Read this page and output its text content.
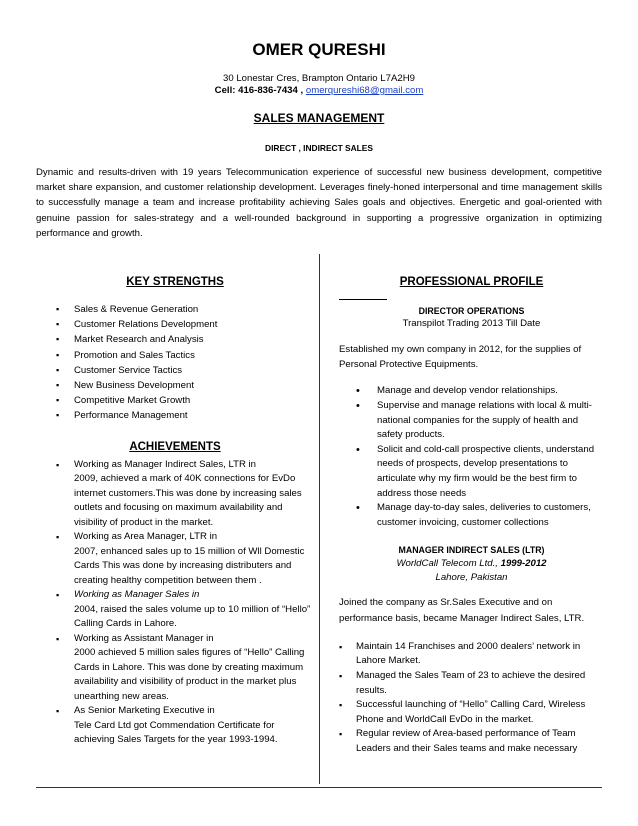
OMER QURESHI
30 Lonestar Cres, Brampton Ontario L7A2H9
Cell: 416-836-7434 , omerqureshi68@gmail.com
SALES MANAGEMENT
DIRECT , INDIRECT SALES
Dynamic and results-driven with 19 years Telecommunication experience of successful new business development, competitive market share expansion, and customer relationship development. Leverages finely-honed interpersonal and time management skills to successfully manage a team and increase profitability achieving Sales goals and objectives. Energetic and goal-oriented with genuine passion for sales-strategy and a well-rounded background in supporting a progressive organization in optimizing performance and growth.
KEY STRENGTHS
▪ Sales & Revenue Generation
▪ Customer Relations Development
▪ Market Research and Analysis
▪ Promotion and Sales Tactics
▪ Customer Service Tactics
▪ New Business Development
▪ Competitive Market Growth
▪ Performance Management
ACHIEVEMENTS
▪ Working as Manager Indirect Sales, LTR in
2009, achieved a mark of 40K connections for EvDo internet customers.This was done by increasing sales outlets and focusing on maximum availability and visibility of product in the market.
▪ Working as Area Manager, LTR in
2007, enhanced sales up to 15 million of Wll Domestic Cards This was done by increasing distributers and creating healthy competition between them .
▪ Working as Manager Sales in
2004, raised the sales volume up to 10 million of “Hello” Calling Cards in Lahore.
▪ Working as Assistant Manager in
2000 achieved 5 million sales figures of “Hello” Calling Cards in Lahore. This was done by creating maximum availability and visibility of product in the market plus unearthing new areas.
▪ As Senior Marketing Executive in
Tele Card Ltd got Commendation Certificate for achieving Sales Targets for the year 1993-1994.
PROFESSIONAL PROFILE
DIRECTOR OPERATIONS
Transpilot Trading 2013 Till Date
Established my own company in 2012, for the supplies of Personal Protective Equipments.
• Manage and develop vendor relationships.
• Supervise and manage relations with local & multi-national companies for the supply of health and safety products.
• Solicit and cold-call prospective clients, understand needs of prospects, develop presentations to articulate why my firm would be the best firm to address those needs
• Manage day-to-day sales, deliveries to customers, customer invoicing, customer collections
MANAGER INDIRECT SALES (LTR)
WorldCall Telecom Ltd., 1999-2012
Lahore, Pakistan
Joined the company as Sr.Sales Executive and on performance basis, became Manager Indirect Sales, LTR.
▪ Maintain 14 Franchises and 2000 dealers’ network in Lahore Market.
▪ Managed the Sales Team of 23 to achieve the desired results.
▪ Successful launching of “Hello” Calling Card, Wireless Phone and WorldCall EvDo in the market.
▪ Regular review of Area-based performance of Team Leaders and their Sales teams and make necessary
